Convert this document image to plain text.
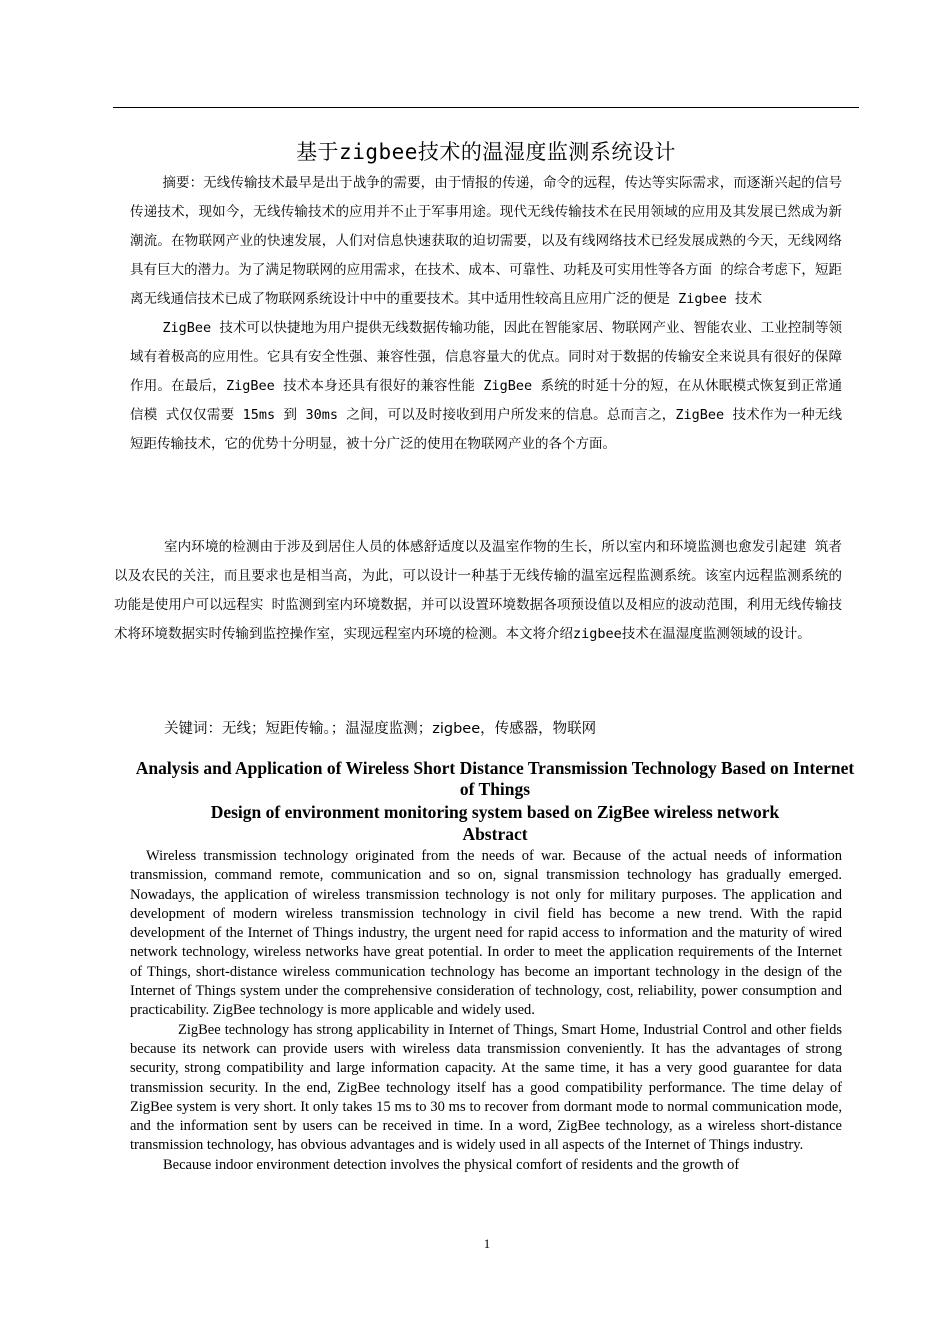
基于zigbee技术的温湿度监测系统设计

摘要：无线传输技术最早是出于战争的需要，由于情报的传递，命令的远程，传达等实际需求，而逐渐兴起的信号传递技术，现如今，无线传输技术的应用并不止于军事用途。现代无线传输技术在民用领域的应用及其发展已然成为新潮流。在物联网产业的快速发展，人们对信息快速获取的迫切需要，以及有线网络技术已经发展成熟的今天，无线网络具有巨大的潜力。为了满足物联网的应用需求，在技术、成本、可靠性、功耗及可实用性等各方面 的综合考虑下，短距离无线通信技术已成了物联网系统设计中中的重要技术。其中适用性较高且应用广泛的便是 Zigbee 技术

ZigBee 技术可以快捷地为用户提供无线数据传输功能，因此在智能家居、物联网产业、智能农业、工业控制等领域有着极高的应用性。它具有安全性强、兼容性强，信息容量大的优点。同时对于数据的传输安全来说具有很好的保障作用。在最后，ZigBee 技术本身还具有很好的兼容性能 ZigBee 系统的时延十分的短，在从休眠模式恢复到正常通信模 式仅仅需要 15ms 到 30ms 之间，可以及时接收到用户所发来的信息。总而言之，ZigBee 技术作为一种无线短距传输技术，它的优势十分明显，被十分广泛的使用在物联网产业的各个方面。

室内环境的检测由于涉及到居住人员的体感舒适度以及温室作物的生长，所以室内和环境监测也愈发引起建 筑者以及农民的关注，而且要求也是相当高，为此，可以设计一种基于无线传输的温室远程监测系统。该室内远程监测系统的功能是使用户可以远程实 时监测到室内环境数据，并可以设置环境数据各项预设值以及相应的波动范围，利用无线传输技术将环境数据实时传输到监控操作室，实现远程室内环境的检测。本文将介绍zigbee技术在温湿度监测领域的设计。

关键词：无线；短距传输。；温湿度监测；zigbee，传感器，物联网
Analysis and Application of Wireless Short Distance Transmission Technology Based on Internet of Things
Design of environment monitoring system based on ZigBee wireless network
Abstract

Wireless transmission technology originated from the needs of war. Because of the actual needs of information transmission, command remote, communication and so on, signal transmission technology has gradually emerged. Nowadays, the application of wireless transmission technology is not only for military purposes. The application and development of modern wireless transmission technology in civil field has become a new trend. With the rapid development of the Internet of Things industry, the urgent need for rapid access to information and the maturity of wired network technology, wireless networks have great potential. In order to meet the application requirements of the Internet of Things, short-distance wireless communication technology has become an important technology in the design of the Internet of Things system under the comprehensive consideration of technology, cost, reliability, power consumption and practicability. ZigBee technology is more applicable and widely used.

ZigBee technology has strong applicability in Internet of Things, Smart Home, Industrial Control and other fields because its network can provide users with wireless data transmission conveniently. It has the advantages of strong security, strong compatibility and large information capacity. At the same time, it has a very good guarantee for data transmission security. In the end, ZigBee technology itself has a good compatibility performance. The time delay of ZigBee system is very short. It only takes 15 ms to 30 ms to recover from dormant mode to normal communication mode, and the information sent by users can be received in time. In a word, ZigBee technology, as a wireless short-distance transmission technology, has obvious advantages and is widely used in all aspects of the Internet of Things industry.

Because indoor environment detection involves the physical comfort of residents and the growth of

1
